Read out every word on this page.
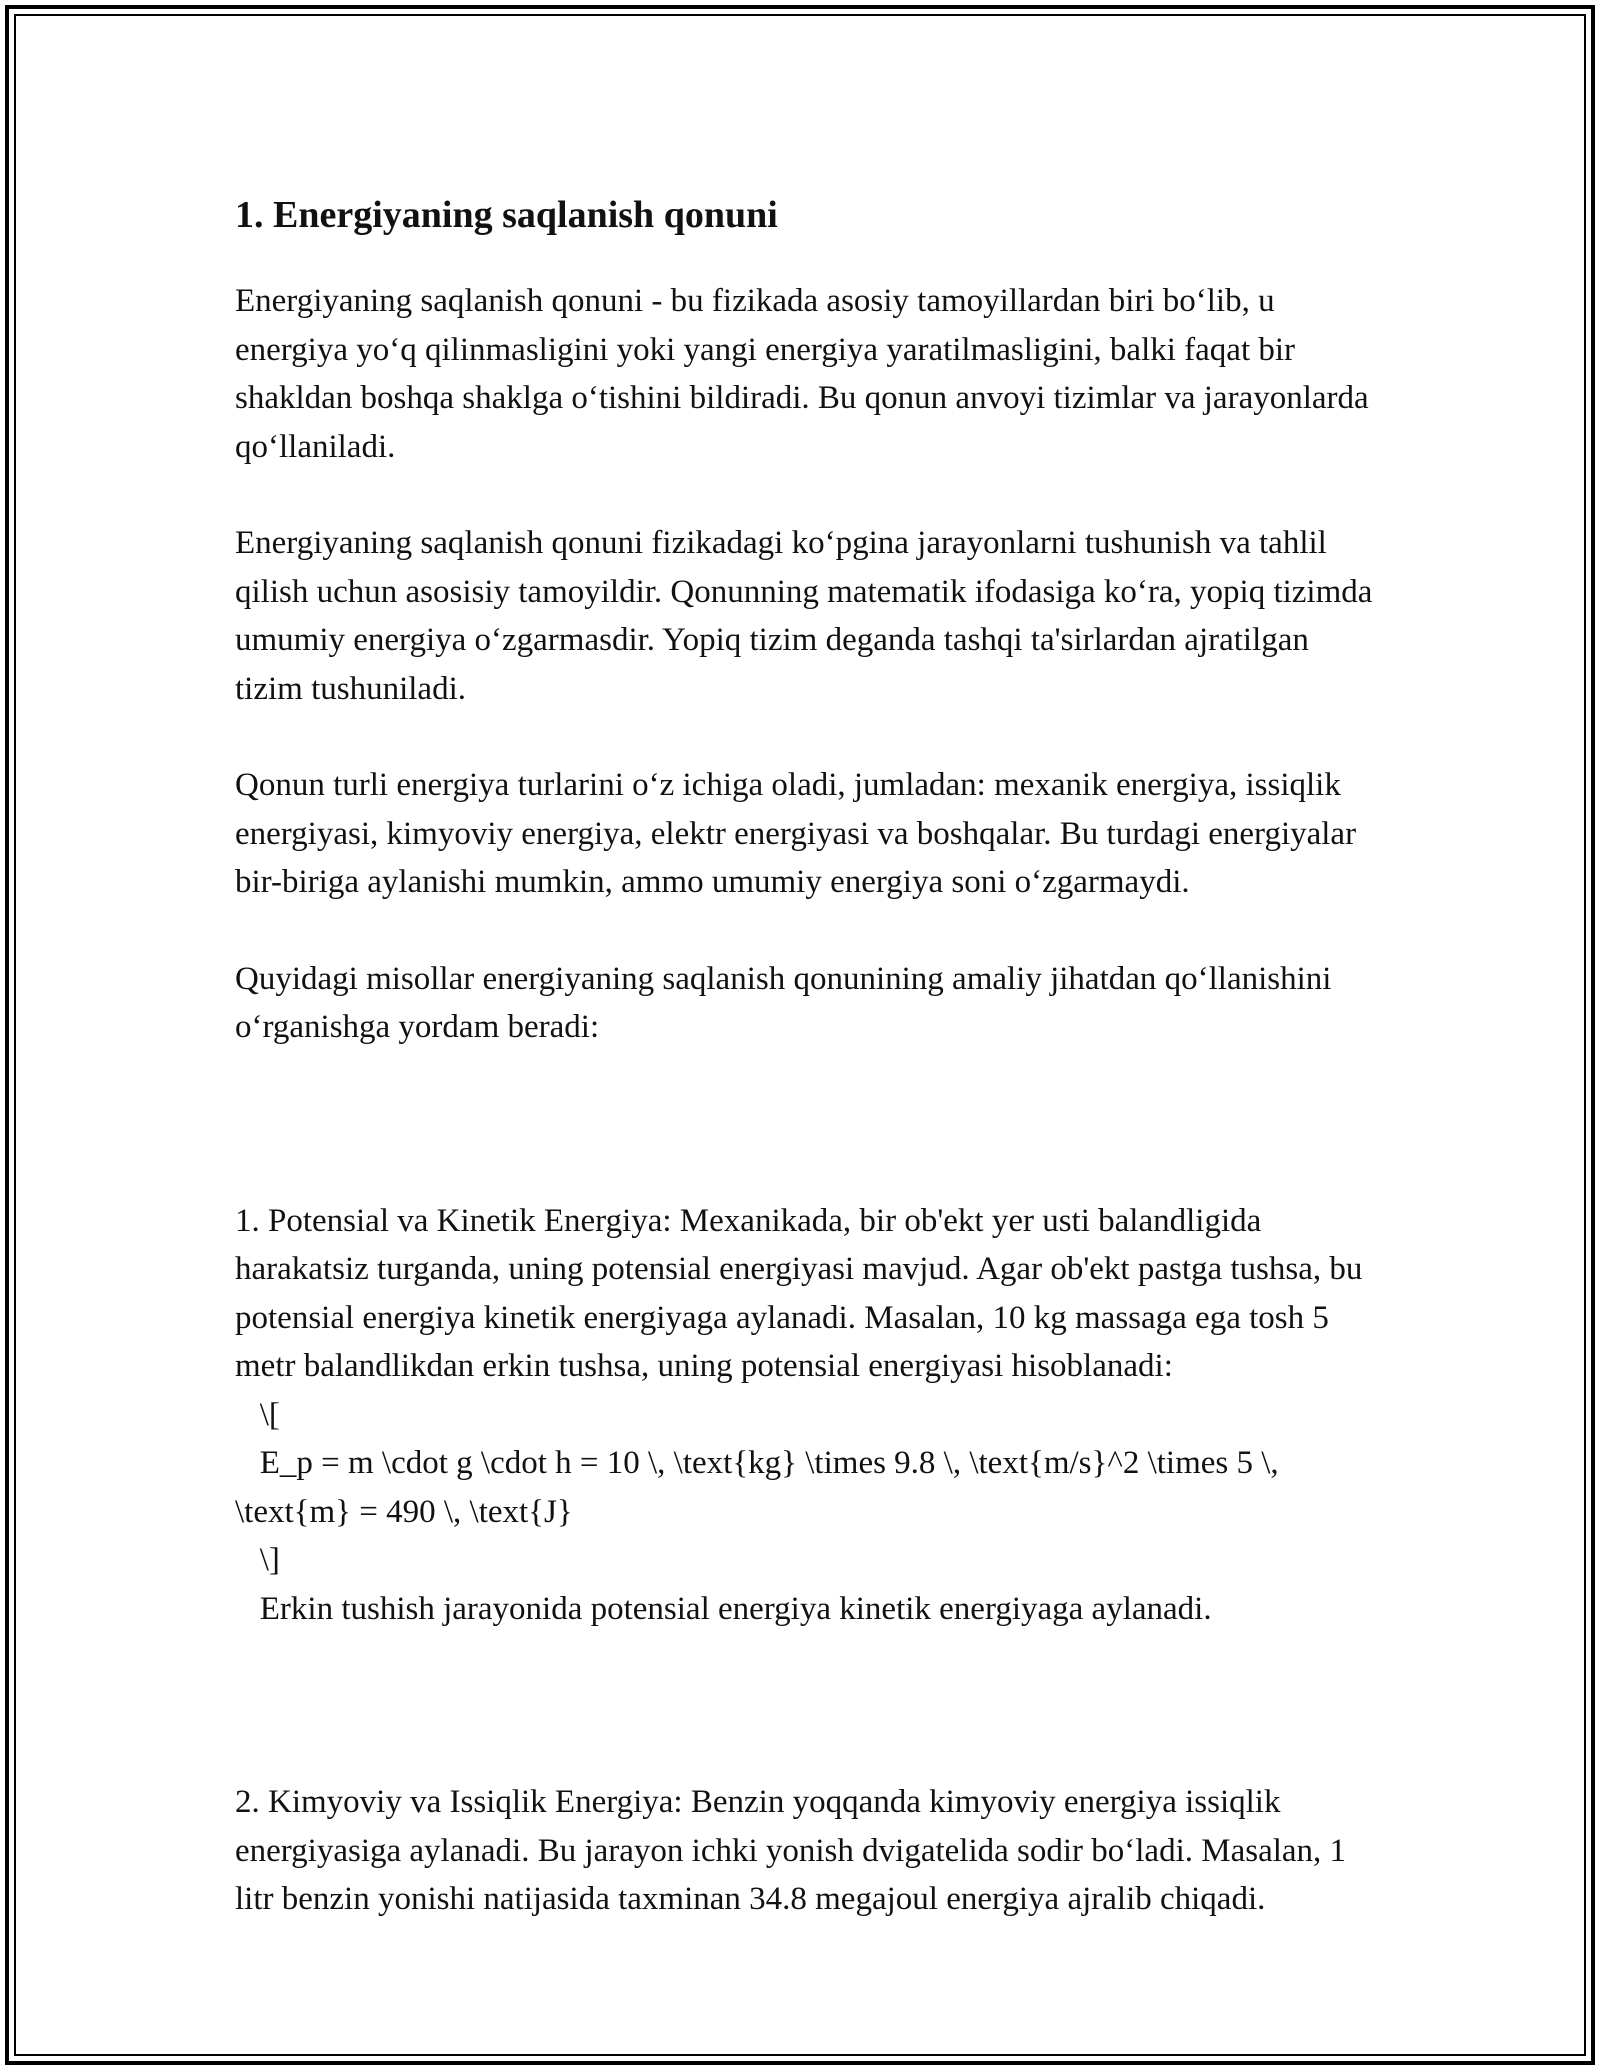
1. Energiyaning saqlanish qonuni

Energiyaning saqlanish qonuni - bu fizikada asosiy tamoyillardan biri bo‘lib, u energiya yo‘q qilinmasligini yoki yangi energiya yaratilmasligini, balki faqat bir shakldan boshqa shaklga o‘tishini bildiradi. Bu qonun anvoyi tizimlar va jarayonlarda qo‘llaniladi.

Energiyaning saqlanish qonuni fizikadagi ko‘pgina jarayonlarni tushunish va tahlil qilish uchun asosisiy tamoyildir. Qonunning matematik ifodasiga ko‘ra, yopiq tizimda umumiy energiya o‘zgarmasdir. Yopiq tizim deganda tashqi ta'sirlardan ajratilgan tizim tushuniladi.

Qonun turli energiya turlarini o‘z ichiga oladi, jumladan: mexanik energiya, issiqlik energiyasi, kimyoviy energiya, elektr energiyasi va boshqalar. Bu turdagi energiyalar bir-biriga aylanishi mumkin, ammo umumiy energiya soni o‘zgarmaydi.

Quyidagi misollar energiyaning saqlanish qonunining amaliy jihatdan qo‘llanishini o‘rganishga yordam beradi:

1. Potensial va Kinetik Energiya: Mexanikada, bir ob'ekt yer usti balandligida harakatsiz turganda, uning potensial energiyasi mavjud. Agar ob'ekt pastga tushsa, bu potensial energiya kinetik energiyaga aylanadi. Masalan, 10 kg massaga ega tosh 5 metr balandlikdan erkin tushsa, uning potensial energiyasi hisoblanadi:
\[
E_p = m \cdot g \cdot h = 10 \, \text{kg} \times 9.8 \, \text{m/s}^2 \times 5 \, \text{m} = 490 \, \text{J}
\]
Erkin tushish jarayonida potensial energiya kinetik energiyaga aylanadi.

2. Kimyoviy va Issiqlik Energiya: Benzin yoqqanda kimyoviy energiya issiqlik energiyasiga aylanadi. Bu jarayon ichki yonish dvigatelida sodir bo‘ladi. Masalan, 1 litr benzin yonishi natijasida taxminan 34.8 megajoul energiya ajralib chiqadi.
